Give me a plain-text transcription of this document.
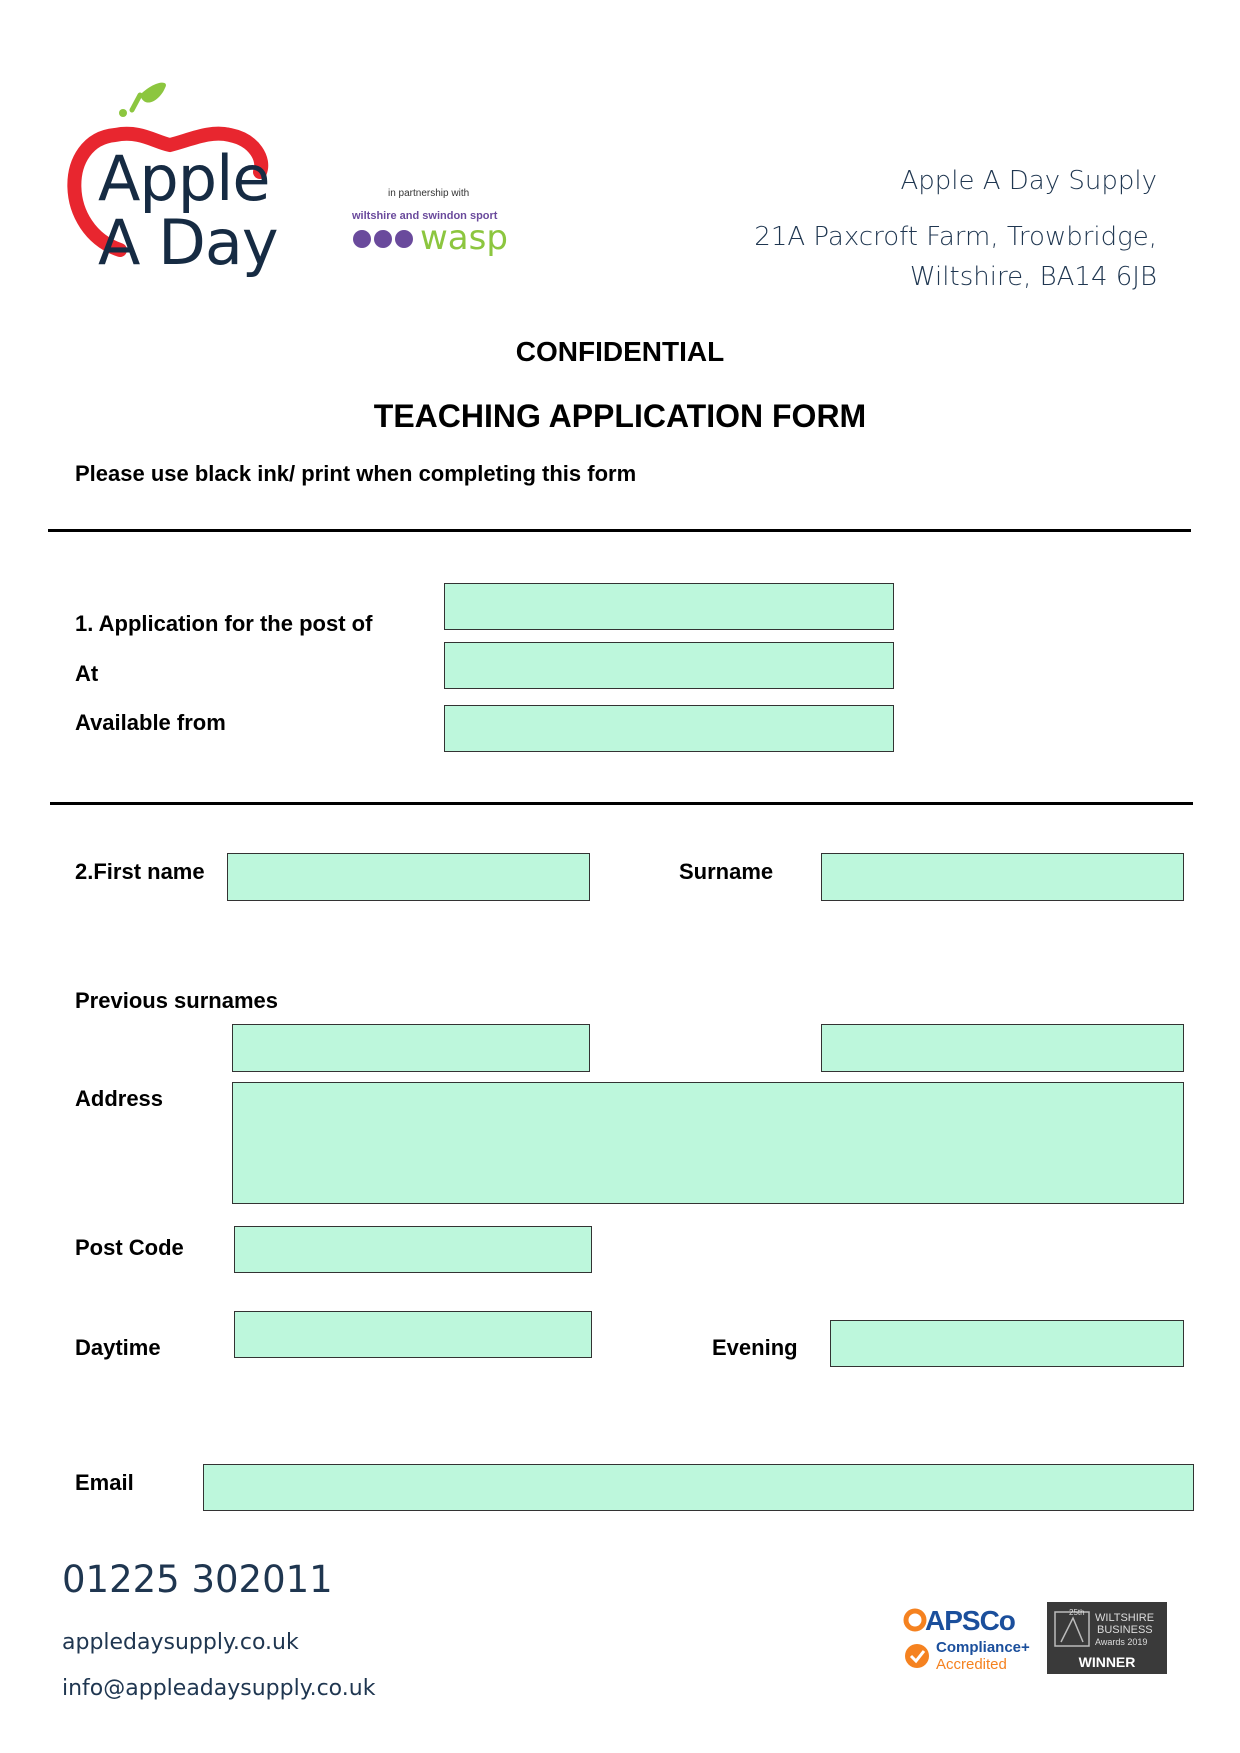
Apple
A Day
in partnership with
wiltshire and swindon sport
wasp
Apple A Day Supply
21A Paxcroft Farm, Trowbridge,
Wiltshire, BA14 6JB
CONFIDENTIAL
TEACHING APPLICATION FORM
Please use black ink/ print when completing this form
1. Application for the post of
At
Available from
2.First name	Surname
Previous surnames
Address
Post Code
Daytime	Evening
Email
01225 302011
appledaysupply.co.uk
info@appleadaysupply.co.uk
APSCo
Compliance+
Accredited
25th WILTSHIRE
BUSINESS
Awards 2019
WINNER
